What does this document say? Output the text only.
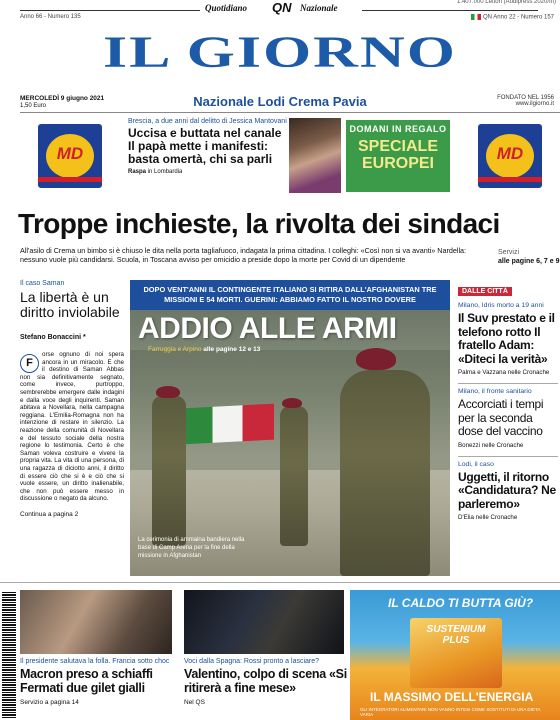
Quotidiano QN Nazionale
1.407.000 Lettori (Audipress 2020/III)
Anno 66 - Numero 135	QN Anno 22 - Numero 157
IL GIORNO
MERCOLEDÌ 9 giugno 2021
1,50 Euro	Nazionale Lodi Crema Pavia	FONDATO NEL 1956
www.ilgiorno.it
MD	MD
Brescia, a due anni dal delitto di Jessica Mantovani
Uccisa e buttata nel canale Il papà mette i manifesti: basta omertà, chi sa parli
Raspa in Lombardia
DOMANI IN REGALO
SPECIALE EUROPEI
Troppe inchieste, la rivolta dei sindaci
All'asilo di Crema un bimbo si è chiuso le dita nella porta tagliafuoco, indagata la prima cittadina. I colleghi: «Così non si va avanti» Nardella: nessuno vuole più candidarsi. Scuola, in Toscana avviso per omicidio a preside dopo la morte per Covid di un dipendente
Servizi
alle pagine 6, 7 e 9
Il caso Saman
La libertà è un diritto inviolabile
Stefano Bonaccini *
F
orse ognuno di noi spera ancora in un miracolo. E che il destino di Saman Abbas non sia definitivamente segnato, come invece, purtroppo, sembrerebbe emergere dalle indagini e dalla voce degli inquirenti. Saman abitava a Novellara, nella campagna reggiana. L'Emilia-Romagna non ha intenzione di restare in silenzio. La reazione della comunità di Novellara e del tessuto sociale della nostra regione lo testimonia. Certo è che Saman voleva costruire e vivere la propria vita. La vita di una persona, di una ragazza di diciotto anni, il diritto di essere ciò che si è e ciò che si vuole essere, un diritto inalienabile, che non può essere messo in discussione o negato da alcuno.
Continua a pagina 2
DOPO VENT'ANNI IL CONTINGENTE ITALIANO SI RITIRA DALL'AFGHANISTAN TRE MISSIONI E 54 MORTI. GUERINI: ABBIAMO FATTO IL NOSTRO DOVERE
ADDIO ALLE ARMI
Farruggia e Arpino alle pagine 12 e 13
La cerimonia di ammaina bandiera nella base di Camp Arena per la fine della missione in Afghanistan
DALLE CITTÀ
Milano, Idris morto a 19 anni
Il Suv prestato e il telefono rotto Il fratello Adam: «Diteci la verità»
Palma e Vazzana nelle Cronache
Milano, il fronte sanitario
Accorciati i tempi per la seconda dose del vaccino
Bonezzi nelle Cronache
Lodi, il caso
Uggetti, il ritorno «Candidatura? Ne parleremo»
D'Elia nelle Cronache
Il presidente salutava la folla. Francia sotto choc
Macron preso a schiaffi Fermati due gilet gialli
Servizio a pagina 14
Voci dalla Spagna: Rossi pronto a lasciare?
Valentino, colpo di scena «Si ritirerà a fine mese»
Nel QS
IL CALDO TI BUTTA GIÙ?
SUSTENIUM PLUS
IL MASSIMO DELL'ENERGIA
GLI INTEGRATORI ALIMENTARI NON VANNO INTESI COME SOSTITUTI DI UNA DIETA VARIA
